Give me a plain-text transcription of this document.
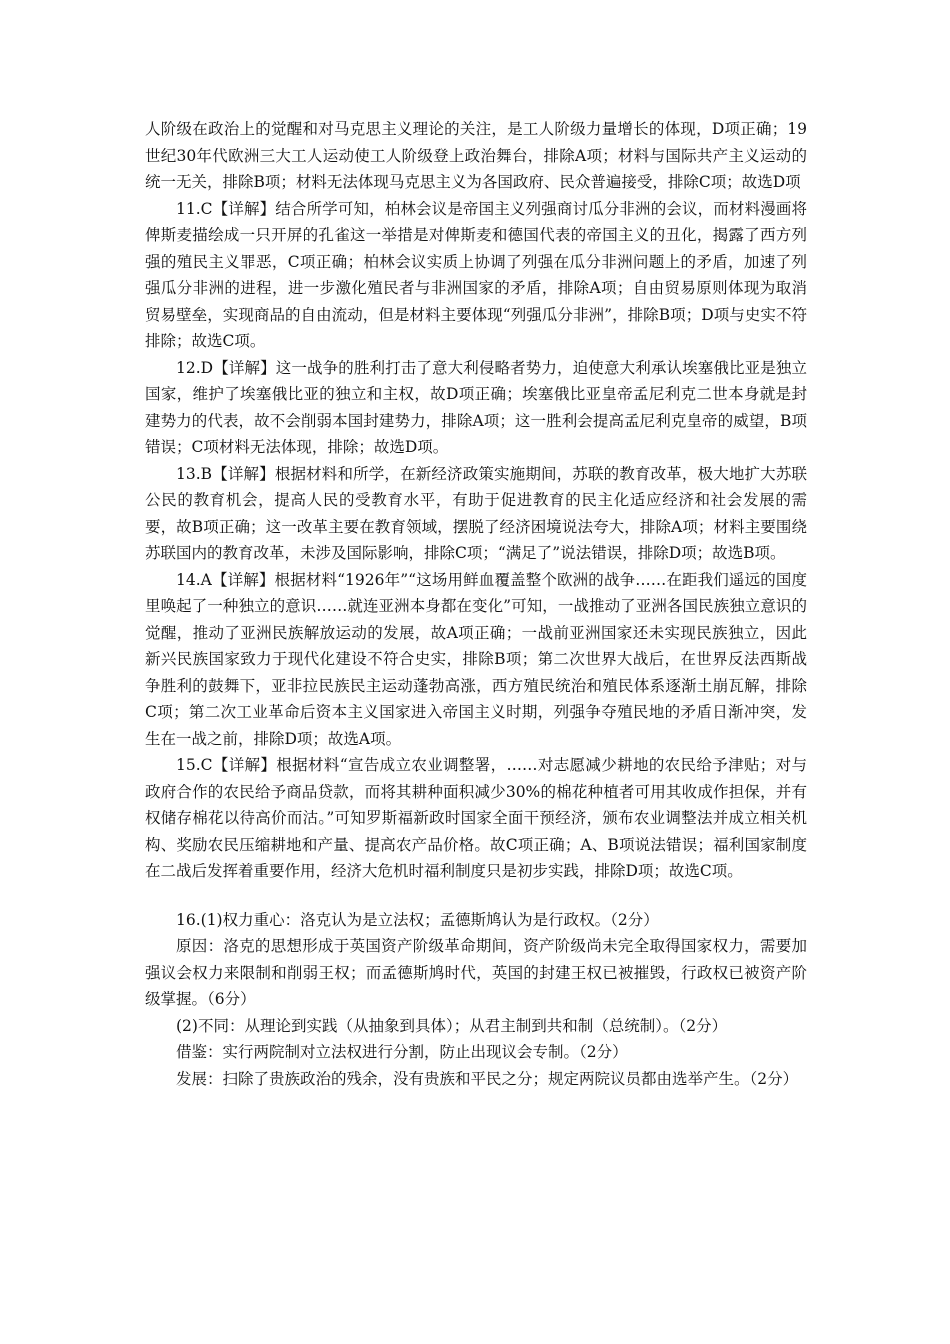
人阶级在政治上的觉醒和对马克思主义理论的关注，是工人阶级力量增长的体现，D项正确；19世纪30年代欧洲三大工人运动使工人阶级登上政治舞台，排除A项；材料与国际共产主义运动的统一无关，排除B项；材料无法体现马克思主义为各国政府、民众普遍接受，排除C项；故选D项

11.C【详解】结合所学可知，柏林会议是帝国主义列强商讨瓜分非洲的会议，而材料漫画将俾斯麦描绘成一只开屏的孔雀这一举措是对俾斯麦和德国代表的帝国主义的丑化，揭露了西方列强的殖民主义罪恶，C项正确；柏林会议实质上协调了列强在瓜分非洲问题上的矛盾，加速了列强瓜分非洲的进程，进一步激化殖民者与非洲国家的矛盾，排除A项；自由贸易原则体现为取消贸易壁垒，实现商品的自由流动，但是材料主要体现“列强瓜分非洲”，排除B项；D项与史实不符排除；故选C项。

12.D【详解】这一战争的胜利打击了意大利侵略者势力，迫使意大利承认埃塞俄比亚是独立国家，维护了埃塞俄比亚的独立和主权，故D项正确；埃塞俄比亚皇帝孟尼利克二世本身就是封建势力的代表，故不会削弱本国封建势力，排除A项；这一胜利会提高孟尼利克皇帝的威望，B项错误；C项材料无法体现，排除；故选D项。

13.B【详解】根据材料和所学，在新经济政策实施期间，苏联的教育改革，极大地扩大苏联公民的教育机会，提高人民的受教育水平，有助于促进教育的民主化适应经济和社会发展的需要，故B项正确；这一改革主要在教育领域，摆脱了经济困境说法夸大，排除A项；材料主要围绕苏联国内的教育改革，未涉及国际影响，排除C项；“满足了”说法错误，排除D项；故选B项。

14.A【详解】根据材料“1926年”“这场用鲜血覆盖整个欧洲的战争……在距我们遥远的国度里唤起了一种独立的意识……就连亚洲本身都在变化”可知，一战推动了亚洲各国民族独立意识的觉醒，推动了亚洲民族解放运动的发展，故A项正确；一战前亚洲国家还未实现民族独立，因此新兴民族国家致力于现代化建设不符合史实，排除B项；第二次世界大战后，在世界反法西斯战争胜利的鼓舞下，亚非拉民族民主运动蓬勃高涨，西方殖民统治和殖民体系逐渐土崩瓦解，排除C项；第二次工业革命后资本主义国家进入帝国主义时期，列强争夺殖民地的矛盾日渐冲突，发生在一战之前，排除D项；故选A项。

15.C【详解】根据材料“宣告成立农业调整署，……对志愿减少耕地的农民给予津贴；对与政府合作的农民给予商品贷款，而将其耕种面积减少30%的棉花种植者可用其收成作担保，并有权储存棉花以待高价而沽。”可知罗斯福新政时国家全面干预经济，颁布农业调整法并成立相关机构、奖励农民压缩耕地和产量、提高农产品价格。故C项正确；A、B项说法错误；福利国家制度在二战后发挥着重要作用，经济大危机时福利制度只是初步实践，排除D项；故选C项。

16.(1)权力重心：洛克认为是立法权；孟德斯鸠认为是行政权。（2分）

原因：洛克的思想形成于英国资产阶级革命期间，资产阶级尚未完全取得国家权力，需要加强议会权力来限制和削弱王权；而孟德斯鸠时代，英国的封建王权已被摧毁，行政权已被资产阶级掌握。（6分）

(2)不同：从理论到实践（从抽象到具体）；从君主制到共和制（总统制）。（2分）

借鉴：实行两院制对立法权进行分割，防止出现议会专制。（2分）

发展：扫除了贵族政治的残余，没有贵族和平民之分；规定两院议员都由选举产生。（2分）
